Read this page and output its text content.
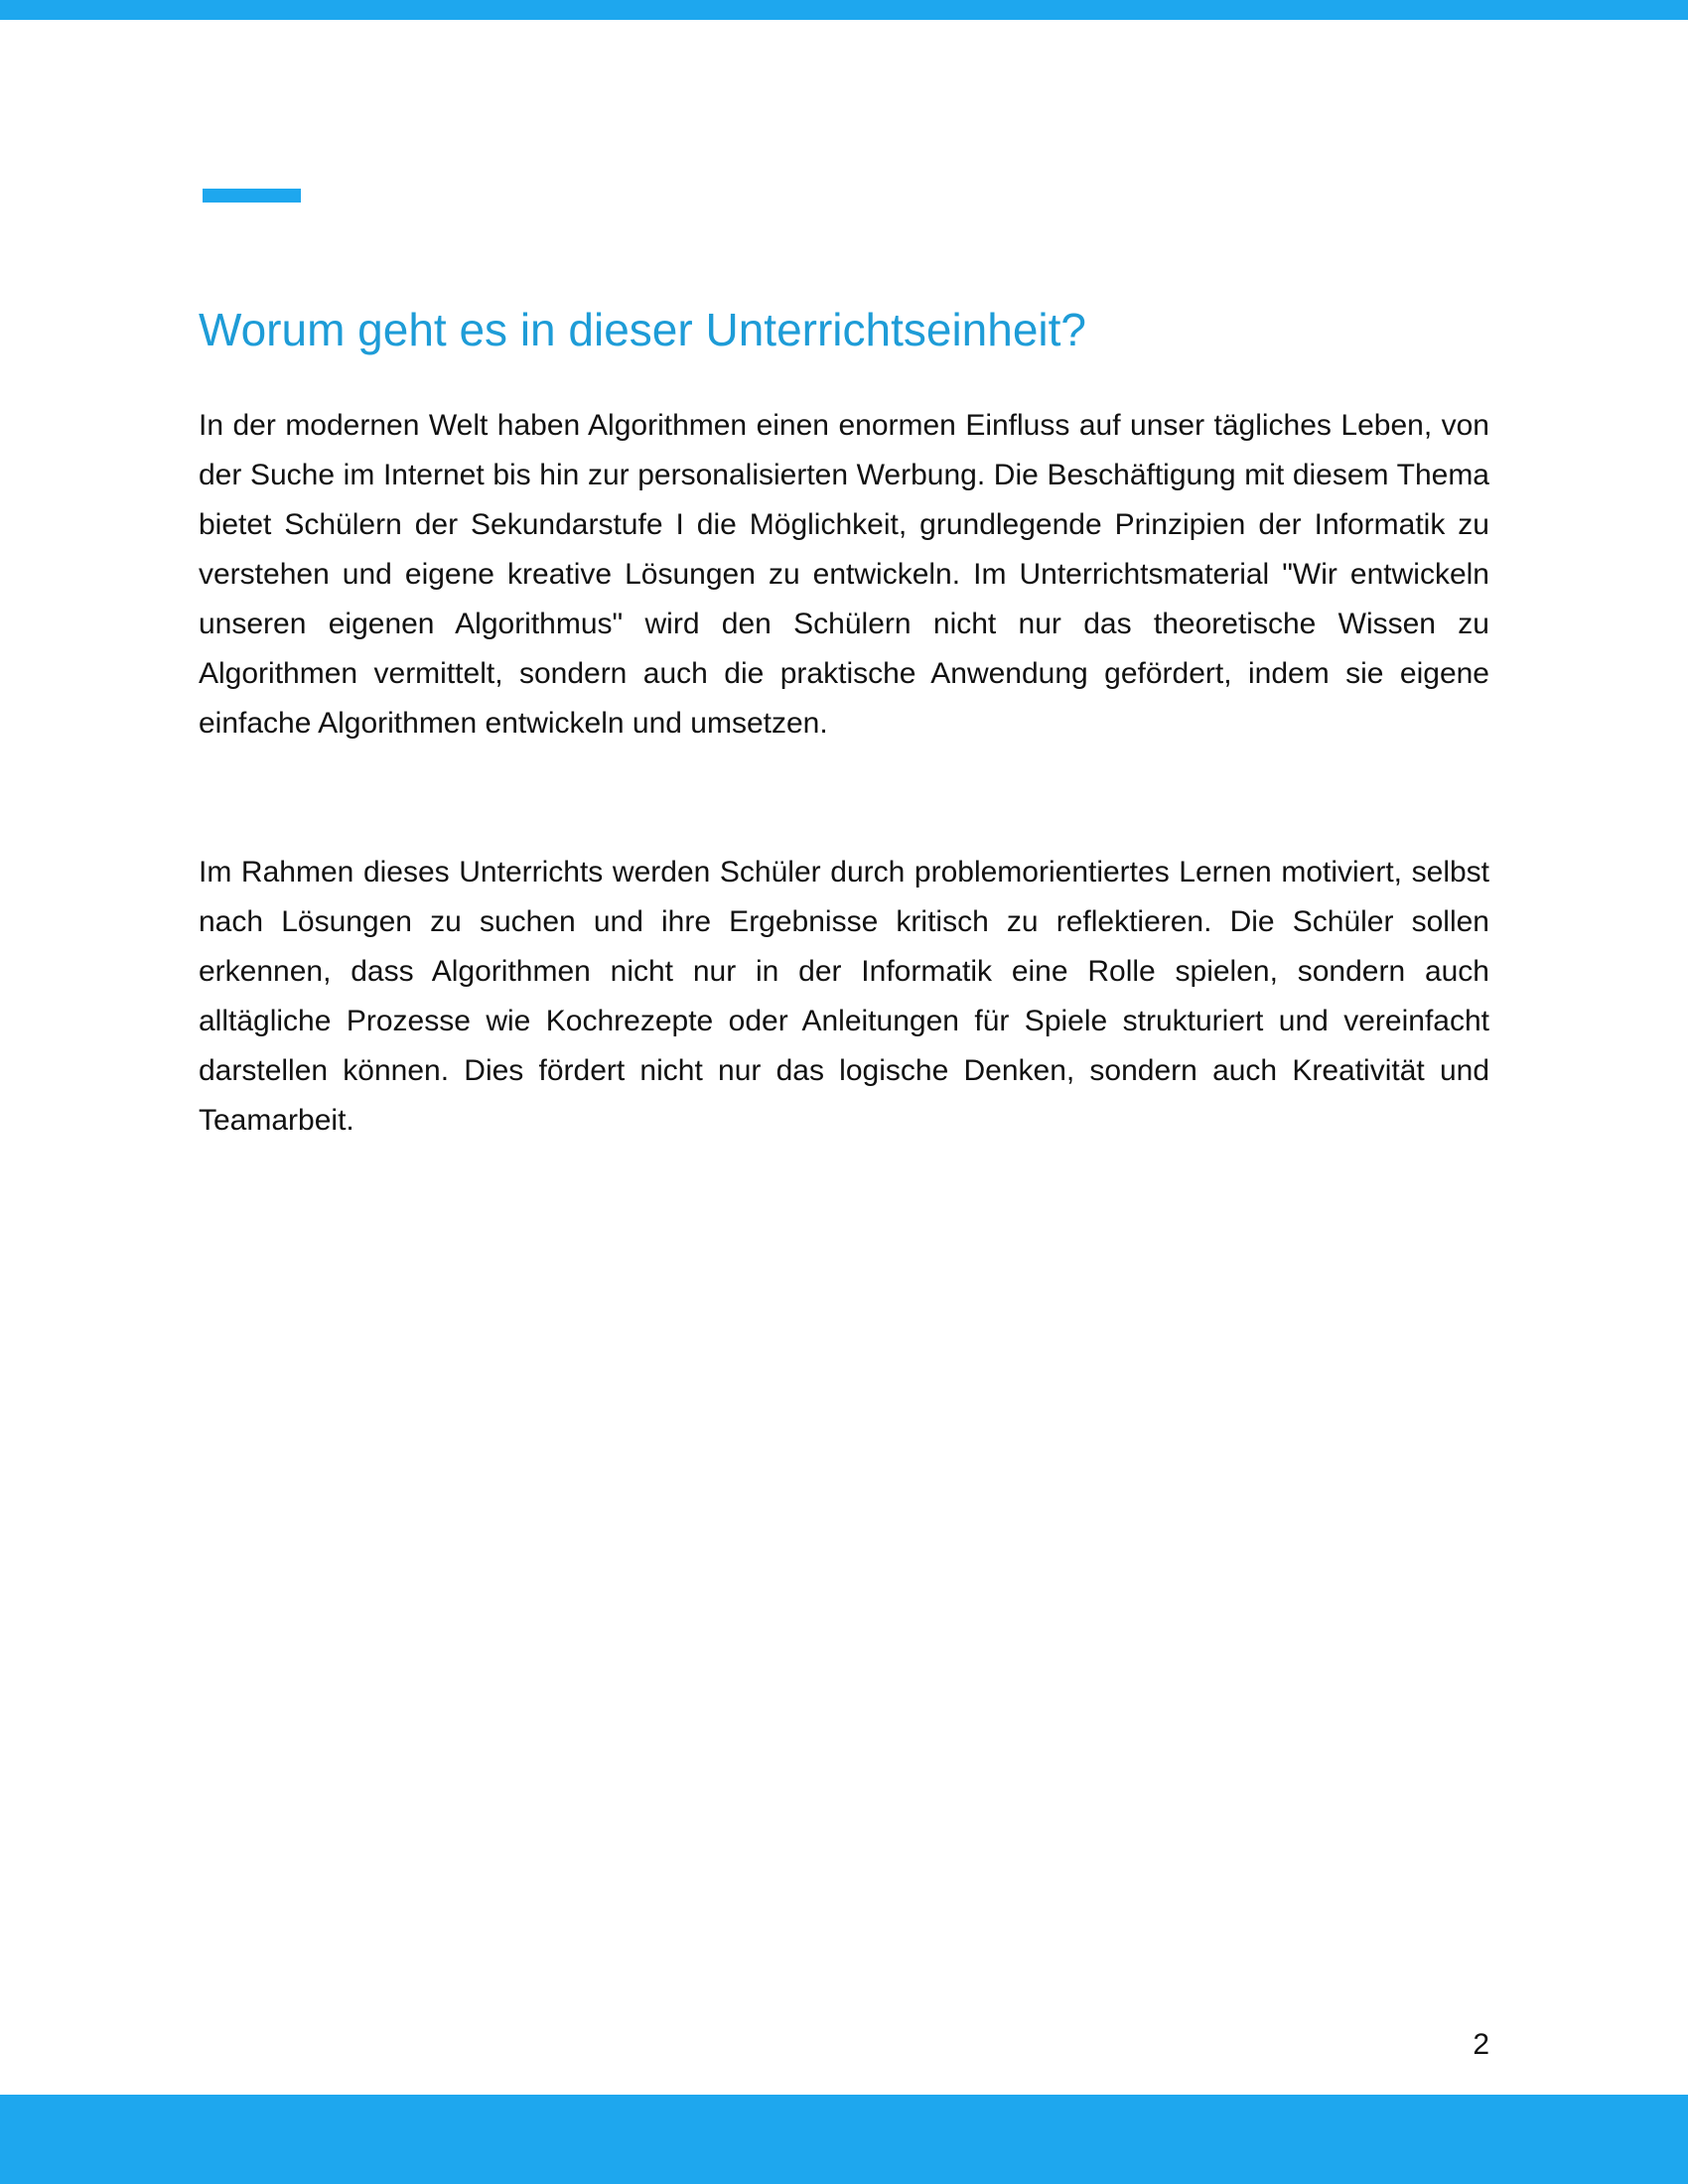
Worum geht es in dieser Unterrichtseinheit?

In der modernen Welt haben Algorithmen einen enormen Einfluss auf unser tägliches Leben, von der Suche im Internet bis hin zur personalisierten Werbung. Die Beschäftigung mit diesem Thema bietet Schülern der Sekundarstufe I die Möglichkeit, grundlegende Prinzipien der Informatik zu verstehen und eigene kreative Lösungen zu entwickeln. Im Unterrichtsmaterial "Wir entwickeln unseren eigenen Algorithmus" wird den Schülern nicht nur das theoretische Wissen zu Algorithmen vermittelt, sondern auch die praktische Anwendung gefördert, indem sie eigene einfache Algorithmen entwickeln und umsetzen.

Im Rahmen dieses Unterrichts werden Schüler durch problemorientiertes Lernen motiviert, selbst nach Lösungen zu suchen und ihre Ergebnisse kritisch zu reflektieren. Die Schüler sollen erkennen, dass Algorithmen nicht nur in der Informatik eine Rolle spielen, sondern auch alltägliche Prozesse wie Kochrezepte oder Anleitungen für Spiele strukturiert und vereinfacht darstellen können. Dies fördert nicht nur das logische Denken, sondern auch Kreativität und Teamarbeit.

2
